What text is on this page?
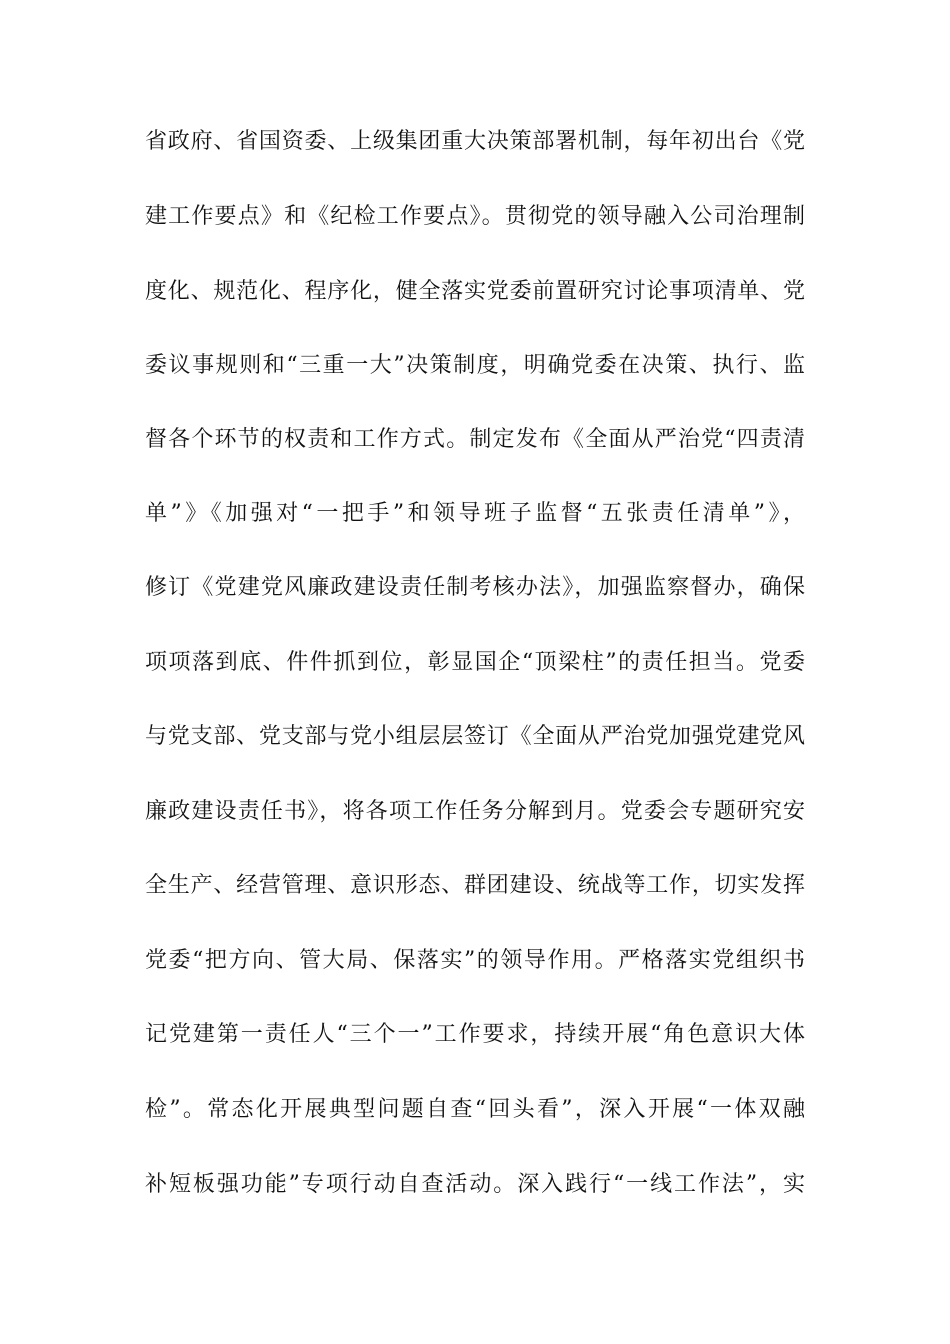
省政府、省国资委、上级集团重大决策部署机制，每年初出台《党
建工作要点》和《纪检工作要点》。贯彻党的领导融入公司治理制
度化、规范化、程序化，健全落实党委前置研究讨论事项清单、党
委议事规则和“三重一大”决策制度，明确党委在决策、执行、监
督各个环节的权责和工作方式。制定发布《全面从严治党“四责清
单”》《加强对“一把手”和领导班子监督“五张责任清单”》，
修订《党建党风廉政建设责任制考核办法》，加强监察督办，确保
项项落到底、件件抓到位，彰显国企“顶梁柱”的责任担当。党委
与党支部、党支部与党小组层层签订《全面从严治党加强党建党风
廉政建设责任书》，将各项工作任务分解到月。党委会专题研究安
全生产、经营管理、意识形态、群团建设、统战等工作，切实发挥
党委“把方向、管大局、保落实”的领导作用。严格落实党组织书
记党建第一责任人“三个一”工作要求，持续开展“角色意识大体
检”。常态化开展典型问题自查“回头看”，深入开展“一体双融
补短板强功能”专项行动自查活动。深入践行“一线工作法”，实
